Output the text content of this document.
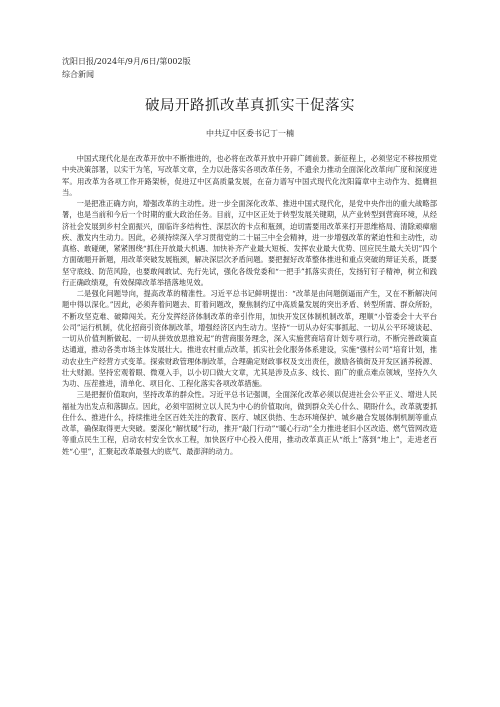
沈阳日报/2024年/9月/6日/第002版
综合新闻
破局开路抓改革真抓实干促落实
中共辽中区委书记丁一楠

中国式现代化是在改革开放中不断推进的，也必将在改革开放中开辟广阔前景。新征程上，必须坚定不移按照党中央决策部署，以实干为笔，写改革文章，全力以赴落实各项改革任务，不遗余力推动全面深化改革向广度和深度进军。用改革为各项工作开路架桥，促进辽中区高质量发展，在奋力谱写中国式现代化沈阳篇章中主动作为、挺膺担当。

一是把准正确方向，增强改革的主动性。进一步全面深化改革、推进中国式现代化，是党中央作出的重大战略部署，也是当前和今后一个时期的重大政治任务。目前，辽中区正处于转型发展关键期，从产业转型到营商环境，从经济社会发展到乡村全面振兴，面临许多结构性、深层次的卡点和瓶颈，迫切需要用改革来打开思维格局、清除顽瘴痼疾、激发内生动力。因此，必须持续深入学习贯彻党的二十届三中全会精神，进一步增强改革的紧迫性和主动性，动真格、敢碰硬，紧紧围绕“抓住开放最大机遇、加快补齐产业最大短板、发挥农业最大优势、回应民生最大关切”四个方面破题开新题，用改革突破发展瓶颈，解决深层次矛盾问题。要把握好改革整体推进和重点突破的辩证关系，既要坚守底线、防范风险，也要敢闯敢试、先行先试，强化各级党委和“一把手”抓落实责任，发扬钉钉子精神，树立和践行正确政绩观，有效保障改革举措落地见效。

二是强化问题导向，提高改革的精准性。习近平总书记鲜明提出：“改革是由问题倒逼而产生，又在不断解决问题中得以深化。”因此，必须奔着问题去、盯着问题改，聚焦制约辽中高质量发展的突出矛盾、转型所需、群众所盼，不断攻坚克难、破障闯关。充分发挥经济体制改革的牵引作用，加快开发区体制机制改革，理顺“小管委会十大平台公司”运行机制，优化招商引资体制改革，增强经济区内生动力。坚持“一切从办好实事抓起、一切从公平环境谈起、一切从价值判断做起、一切从拼效放思推说起”的营商服务理念，深入实施营商培育计划专项行动，不断完善政策直达通道，推动各类市场主体发展壮大。推进农村重点改革，抓实社会化服务体系建设，实施“强村公司”培育计划，推动农业生产经营方式变革。探索财政管理体制改革，合理确定财政事权及支出责任，激励各镇街及开发区涵养税源、壮大财源。坚持宏观着眼、微观入手，以小切口做大文章，尤其是涉及点多、线长、面广的重点难点领域，坚持久久为功、压茬推进，清单化、项目化、工程化落实各项改革措施。

三是把握价值取向，坚持改革的群众性。习近平总书记强调，全面深化改革必须以促进社会公平正义、增进人民福祉为出发点和落脚点。因此，必须牢固树立以人民为中心的价值取向，做到群众关心什么、期盼什么，改革就要抓住什么、推进什么，持续推进全区百姓关注的教育、医疗、城区供热、生态环境保护、城乡融合发展体制机制等重点改革，确保取得更大突破。要深化“解忧暖”行动，推开“敲门行动”“暖心行动”全力推进老旧小区改造、燃气管网改造等重点民生工程，启动农村安全饮水工程，加快医疗中心投入使用，推动改革真正从“纸上”落到“地上”，走进老百姓“心里”，汇聚起改革最强大的底气、最澎湃的动力。
